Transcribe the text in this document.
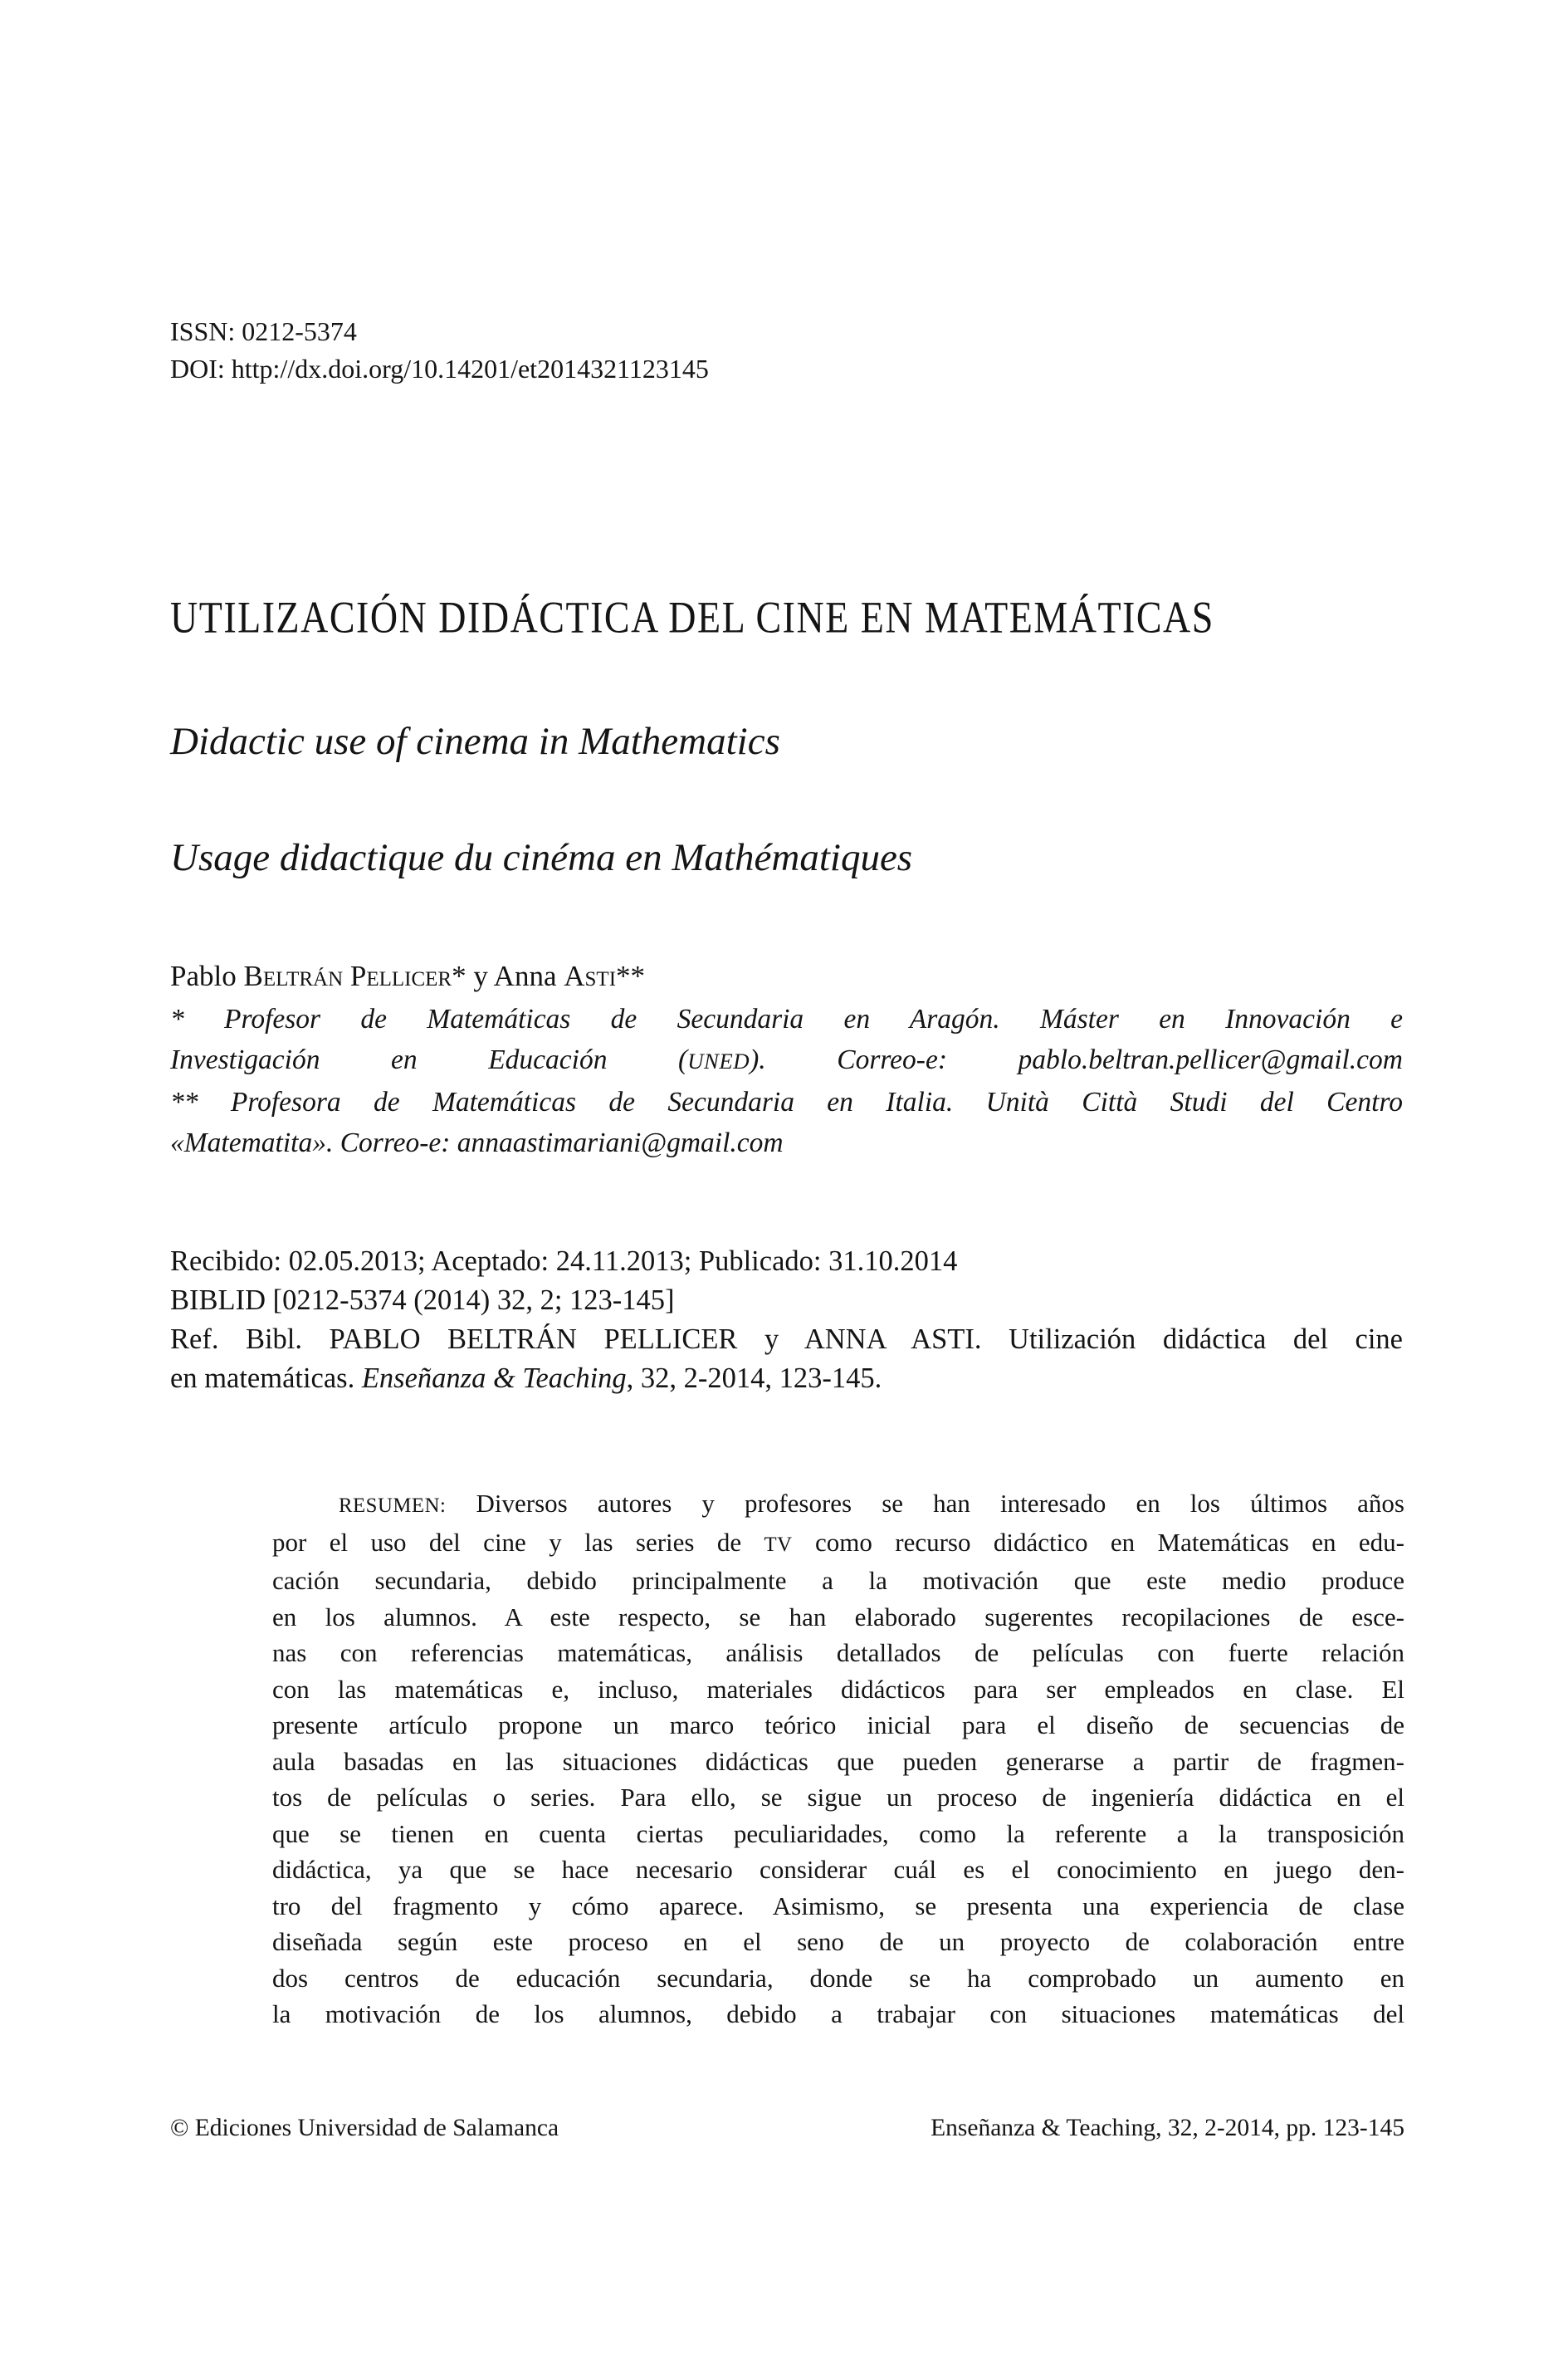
ISSN: 0212-5374
DOI: http://dx.doi.org/10.14201/et2014321123145
UTILIZACIÓN DIDÁCTICA DEL CINE EN MATEMÁTICAS
Didactic use of cinema in Mathematics
Usage didactique du cinéma en Mathématiques
Pablo Beltrán Pellicer* y Anna Asti**
* Profesor de Matemáticas de Secundaria en Aragón. Máster en Innovación e
Investigación en Educación (UNED). Correo-e: pablo.beltran.pellicer@gmail.com
** Profesora de Matemáticas de Secundaria en Italia. Unità Città Studi del Centro
«Matematita». Correo-e: annaastimariani@gmail.com
Recibido: 02.05.2013; Aceptado: 24.11.2013; Publicado: 31.10.2014
BIBLID [0212-5374 (2014) 32, 2; 123-145]
Ref. Bibl. PABLO BELTRÁN PELLICER y ANNA ASTI. Utilización didáctica del cine
en matemáticas. Enseñanza & Teaching, 32, 2-2014, 123-145.
RESUMEN: Diversos autores y profesores se han interesado en los últimos años
por el uso del cine y las series de TV como recurso didáctico en Matemáticas en edu-
cación secundaria, debido principalmente a la motivación que este medio produce
en los alumnos. A este respecto, se han elaborado sugerentes recopilaciones de esce-
nas con referencias matemáticas, análisis detallados de películas con fuerte relación
con las matemáticas e, incluso, materiales didácticos para ser empleados en clase. El
presente artículo propone un marco teórico inicial para el diseño de secuencias de
aula basadas en las situaciones didácticas que pueden generarse a partir de fragmen-
tos de películas o series. Para ello, se sigue un proceso de ingeniería didáctica en el
que se tienen en cuenta ciertas peculiaridades, como la referente a la transposición
didáctica, ya que se hace necesario considerar cuál es el conocimiento en juego den-
tro del fragmento y cómo aparece. Asimismo, se presenta una experiencia de clase
diseñada según este proceso en el seno de un proyecto de colaboración entre
dos centros de educación secundaria, donde se ha comprobado un aumento en
la motivación de los alumnos, debido a trabajar con situaciones matemáticas del
© Ediciones Universidad de Salamanca	Enseñanza & Teaching, 32, 2-2014, pp. 123-145
